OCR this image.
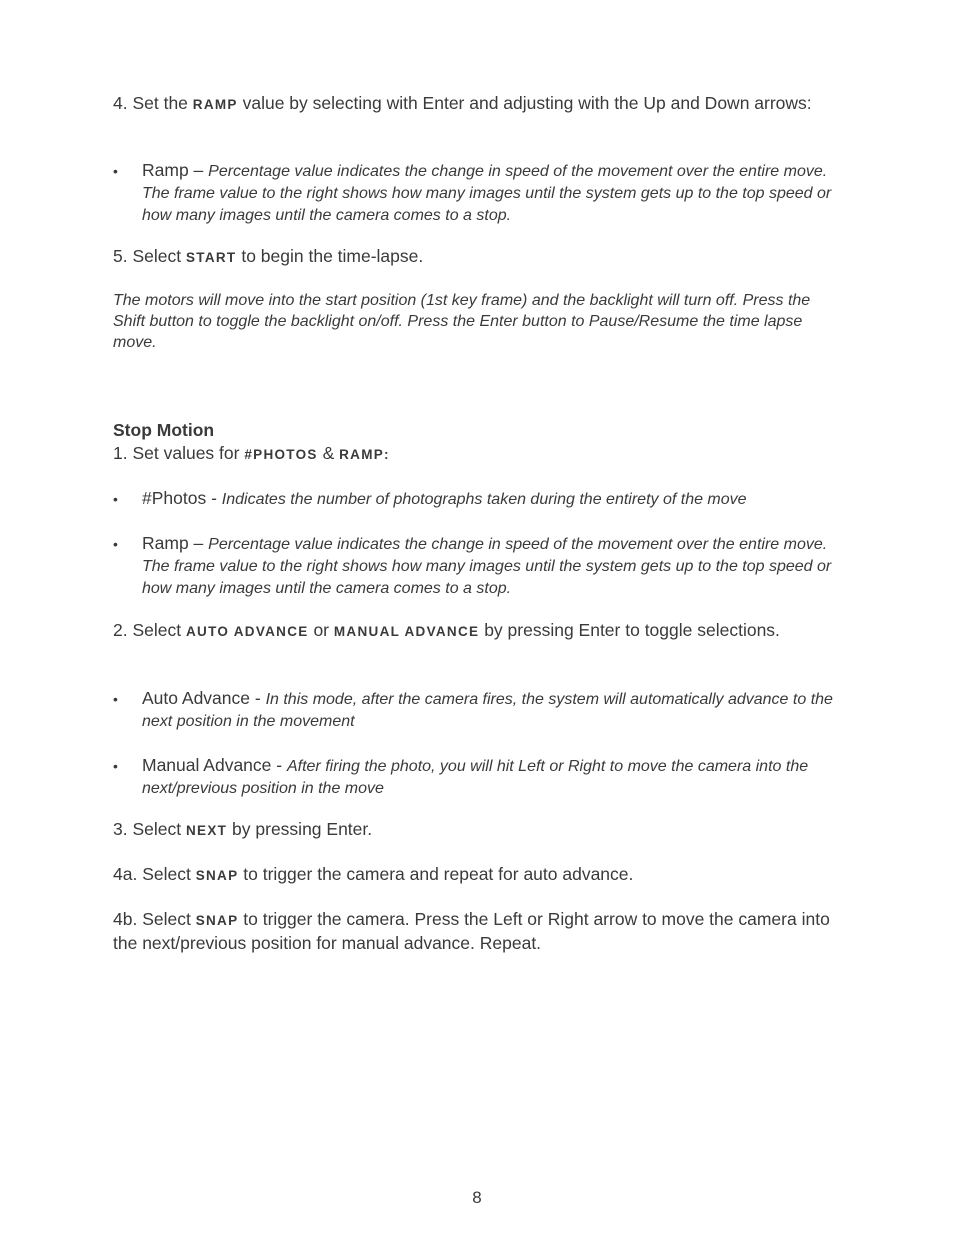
4. Set the RAMP value by selecting with Enter and adjusting with the Up and Down arrows:
• Ramp – Percentage value indicates the change in speed of the movement over the entire move. The frame value to the right shows how many images until the system gets up to the top speed or how many images until the camera comes to a stop.
5. Select START to begin the time-lapse.
The motors will move into the start position (1st key frame) and the backlight will turn off. Press the Shift button to toggle the backlight on/off. Press the Enter button to Pause/Resume the time lapse move.
Stop Motion
1. Set values for #PHOTOS & RAMP:
• #Photos - Indicates the number of photographs taken during the entirety of the move
• Ramp – Percentage value indicates the change in speed of the movement over the entire move. The frame value to the right shows how many images until the system gets up to the top speed or how many images until the camera comes to a stop.
2. Select AUTO ADVANCE or MANUAL ADVANCE by pressing Enter to toggle selections.
• Auto Advance - In this mode, after the camera fires, the system will automatically advance to the next position in the movement
• Manual Advance - After firing the photo, you will hit Left or Right to move the camera into the next/previous position in the move
3. Select NEXT by pressing Enter.
4a. Select SNAP to trigger the camera and repeat for auto advance.
4b. Select SNAP to trigger the camera. Press the Left or Right arrow to move the camera into the next/previous position for manual advance. Repeat.
8
